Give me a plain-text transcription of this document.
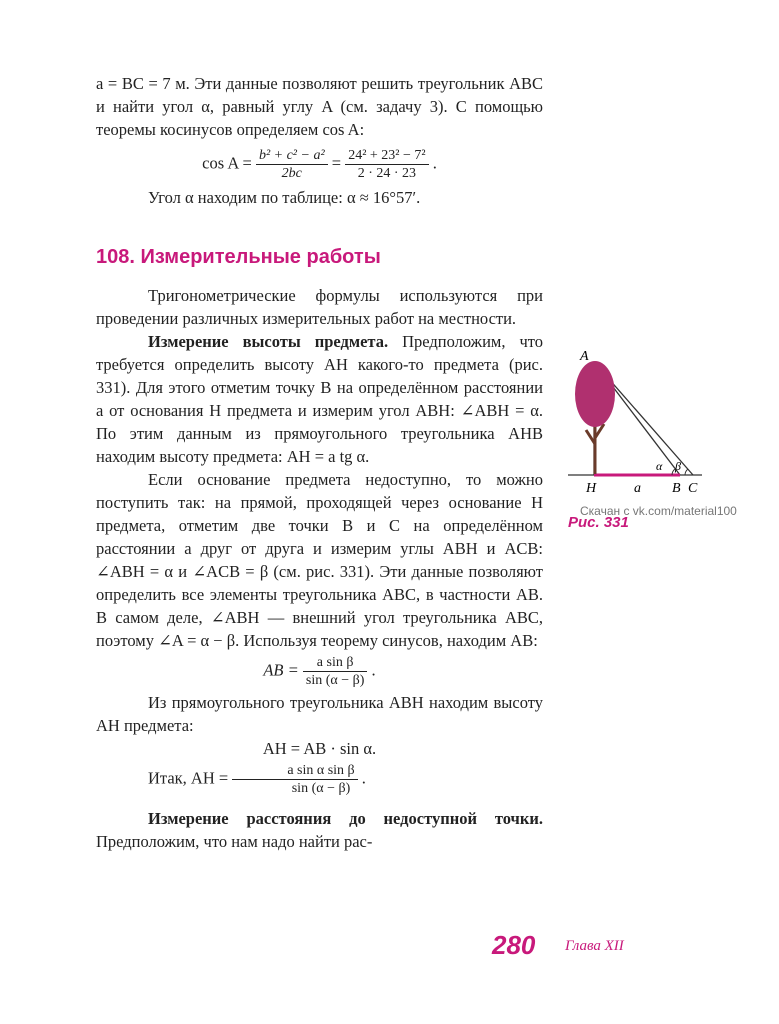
a = BC = 7 м. Эти данные позволяют решить треугольник ABC и найти угол α, равный углу A (см. задачу 3). С помощью теоремы косинусов определяем cos A:

$\cos A = \frac{\text{b² + c² − a²}}{2bc} = \frac{\text{24² + 23² − 7²}}{2 \cdot 24 \cdot 23}$ .

Угол α находим по таблице: α ≈ 16°57′.

108. Измерительные работы

Тригонометрические формулы используются при проведении различных измерительных работ на местности.

Измерение высоты предмета. Предположим, что требуется определить высоту AH какого-то предмета (рис. 331). Для этого отметим точку B на определённом расстоянии a от основания H предмета и измерим угол ABH: ∠ABH = α. По этим данным из прямоугольного треугольника AHB находим высоту предмета: AH = a tg α.

Если основание предмета недоступно, то можно поступить так: на прямой, проходящей через основание H предмета, отметим две точки B и C на определённом расстоянии a друг от друга и измерим углы ABH и ACB: ∠ABH = α и ∠ACB = β (см. рис. 331). Эти данные позволяют определить все элементы треугольника ABC, в частности AB. В самом деле, ∠ABH — внешний угол треугольника ABC, поэтому ∠A = α − β. Используя теорему синусов, находим AB:

AB = $\frac{\text{a sin β}}{\sin (\alpha - \beta)}$ .

Из прямоугольного треугольника ABH находим высоту AH предмета:

AH = AB · sin α.

Итак, AH = $\frac{\text{a sin α sin β}}{\sin (\alpha - \beta)}$ .

Измерение расстояния до недоступной точки. Предположим, что нам надо найти рас-

A
H	a B C
α β
Скачан с vk.com/material100
Рис. 331
280 Глава XII
